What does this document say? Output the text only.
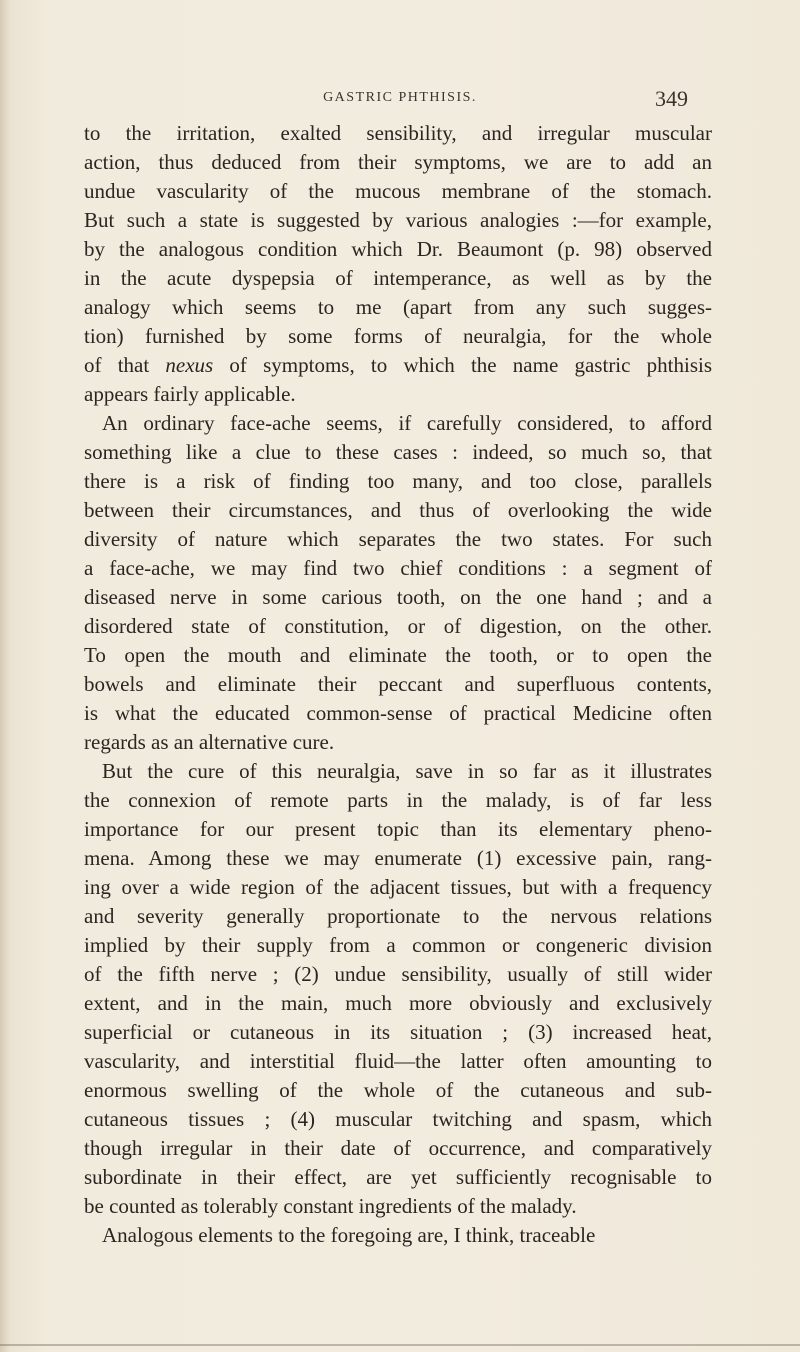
GASTRIC PHTHISIS.	349
to the irritation, exalted sensibility, and irregular muscular
action, thus deduced from their symptoms, we are to add an
undue vascularity of the mucous membrane of the stomach.
But such a state is suggested by various analogies :—for example,
by the analogous condition which Dr. Beaumont (p. 98) observed
in the acute dyspepsia of intemperance, as well as by the
analogy which seems to me (apart from any such sugges-
tion) furnished by some forms of neuralgia, for the whole
of that nexus of symptoms, to which the name gastric phthisis
appears fairly applicable.
An ordinary face-ache seems, if carefully considered, to afford
something like a clue to these cases : indeed, so much so, that
there is a risk of finding too many, and too close, parallels
between their circumstances, and thus of overlooking the wide
diversity of nature which separates the two states. For such
a face-ache, we may find two chief conditions : a segment of
diseased nerve in some carious tooth, on the one hand ; and a
disordered state of constitution, or of digestion, on the other.
To open the mouth and eliminate the tooth, or to open the
bowels and eliminate their peccant and superfluous contents,
is what the educated common-sense of practical Medicine often
regards as an alternative cure.
But the cure of this neuralgia, save in so far as it illustrates
the connexion of remote parts in the malady, is of far less
importance for our present topic than its elementary pheno-
mena. Among these we may enumerate (1) excessive pain, rang-
ing over a wide region of the adjacent tissues, but with a frequency
and severity generally proportionate to the nervous relations
implied by their supply from a common or congeneric division
of the fifth nerve ; (2) undue sensibility, usually of still wider
extent, and in the main, much more obviously and exclusively
superficial or cutaneous in its situation ; (3) increased heat,
vascularity, and interstitial fluid—the latter often amounting to
enormous swelling of the whole of the cutaneous and sub-
cutaneous tissues ; (4) muscular twitching and spasm, which
though irregular in their date of occurrence, and comparatively
subordinate in their effect, are yet sufficiently recognisable to
be counted as tolerably constant ingredients of the malady.
Analogous elements to the foregoing are, I think, traceable
